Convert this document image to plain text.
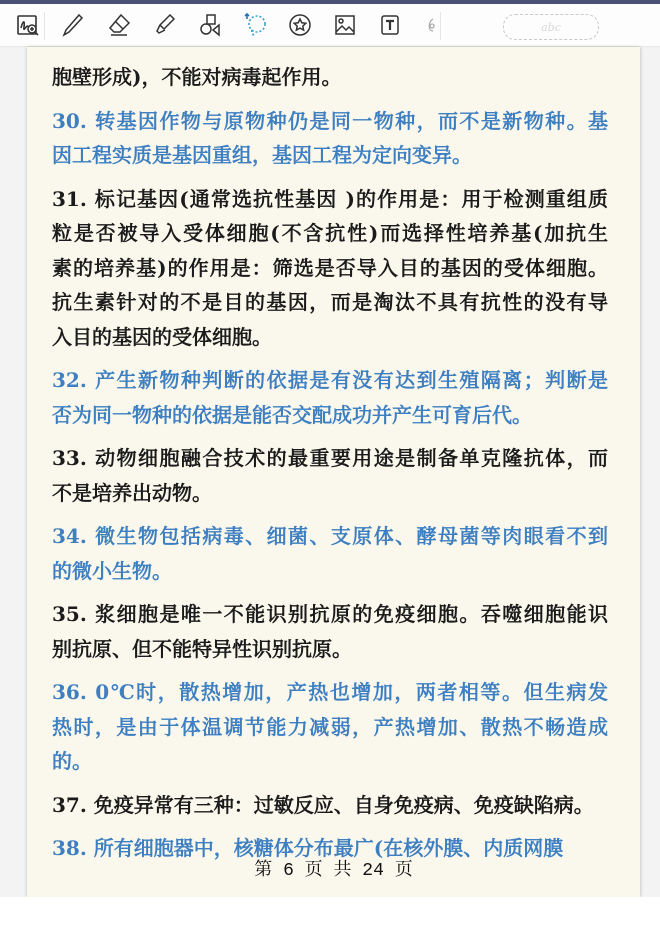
abc
胞壁形成)，不能对病毒起作用。
30. 转基因作物与原物种仍是同一物种，而不是新物种。基
因工程实质是基因重组，基因工程为定向变异。
31. 标记基因(通常选抗性基因 )的作用是：用于检测重组质
粒是否被导入受体细胞(不含抗性)而选择性培养基(加抗生
素的培养基)的作用是：筛选是否导入目的基因的受体细胞。
抗生素针对的不是目的基因，而是淘汰不具有抗性的没有导
入目的基因的受体细胞。
32. 产生新物种判断的依据是有没有达到生殖隔离；判断是
否为同一物种的依据是能否交配成功并产生可育后代。
33. 动物细胞融合技术的最重要用途是制备单克隆抗体，而
不是培养出动物。
34. 微生物包括病毒、细菌、支原体、酵母菌等肉眼看不到
的微小生物。
35. 浆细胞是唯一不能识别抗原的免疫细胞。吞噬细胞能识
别抗原、但不能特异性识别抗原。
36. 0℃时，散热增加，产热也增加，两者相等。但生病发
热时，是由于体温调节能力减弱，产热增加、散热不畅造成
的。
37. 免疫异常有三种：过敏反应、自身免疫病、免疫缺陷病。
38. 所有细胞器中，核糖体分布最广(在核外膜、内质网膜
第 6 页 共 24 页
